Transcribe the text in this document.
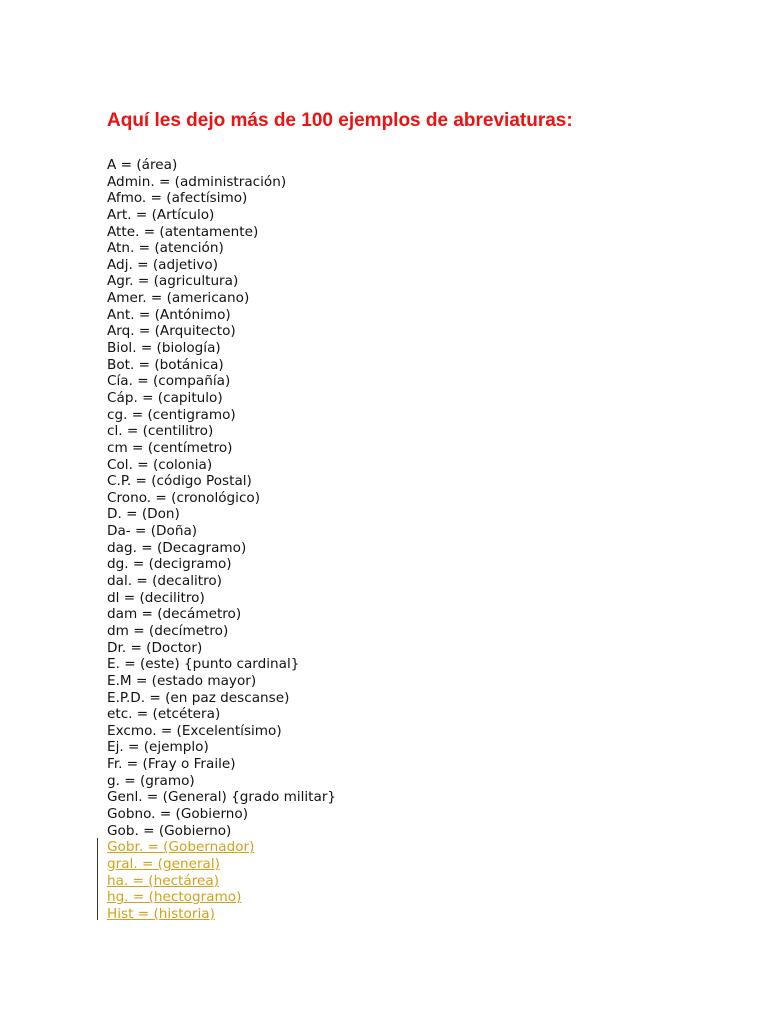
Aquí les dejo más de 100 ejemplos de abreviaturas:
A = (área)
Admin. = (administración)
Afmo. = (afectísimo)
Art. = (Artículo)
Atte. = (atentamente)
Atn. = (atención)
Adj. = (adjetivo)
Agr. = (agricultura)
Amer. = (americano)
Ant. = (Antónimo)
Arq. = (Arquitecto)
Biol. = (biología)
Bot. = (botánica)
Cía. = (compañía)
Cáp. = (capitulo)
cg. = (centigramo)
cl. = (centilitro)
cm = (centímetro)
Col. = (colonia)
C.P. = (código Postal)
Crono. = (cronológico)
D. = (Don)
Da- = (Doña)
dag. = (Decagramo)
dg. = (decigramo)
dal. = (decalitro)
dl = (decilitro)
dam = (decámetro)
dm = (decímetro)
Dr. = (Doctor)
E. = (este) {punto cardinal}
E.M = (estado mayor)
E.P.D. = (en paz descanse)
etc. = (etcétera)
Excmo. = (Excelentísimo)
Ej. = (ejemplo)
Fr. = (Fray o Fraile)
g. = (gramo)
Genl. = (General) {grado militar}
Gobno. = (Gobierno)
Gob. = (Gobierno)
Gobr. = (Gobernador)
gral. = (general)
ha. = (hectárea)
hg. = (hectogramo)
Hist = (historia)
